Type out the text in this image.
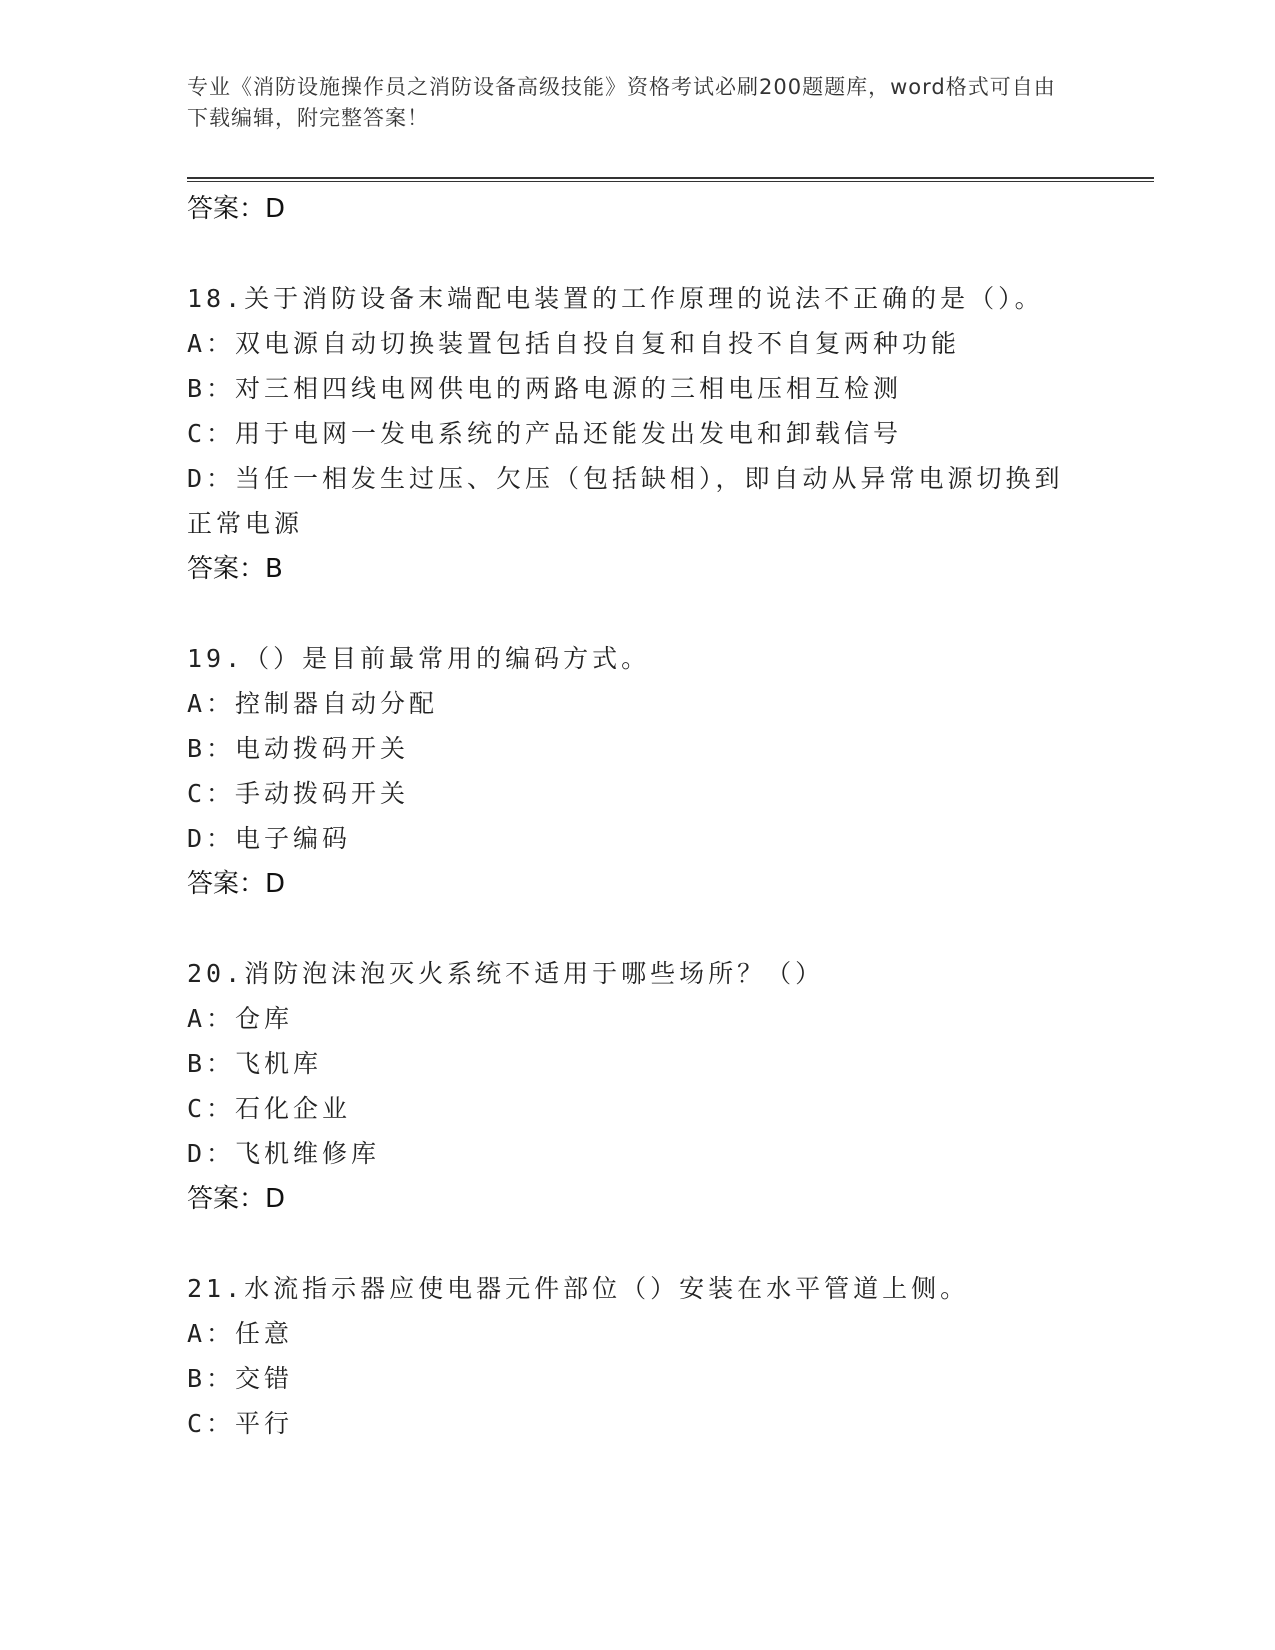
专业《消防设施操作员之消防设备高级技能》资格考试必刷200题题库，word格式可自由下载编辑，附完整答案！
答案：D
18.关于消防设备末端配电装置的工作原理的说法不正确的是（）。
A：双电源自动切换装置包括自投自复和自投不自复两种功能
B：对三相四线电网供电的两路电源的三相电压相互检测
C：用于电网一发电系统的产品还能发出发电和卸载信号
D：当任一相发生过压、欠压（包括缺相），即自动从异常电源切换到
正常电源
答案：B
19.（）是目前最常用的编码方式。
A：控制器自动分配
B：电动拨码开关
C：手动拨码开关
D：电子编码
答案：D
20.消防泡沫泡灭火系统不适用于哪些场所？（）
A：仓库
B：飞机库
C：石化企业
D：飞机维修库
答案：D
21.水流指示器应使电器元件部位（）安装在水平管道上侧。
A：任意
B：交错
C：平行
